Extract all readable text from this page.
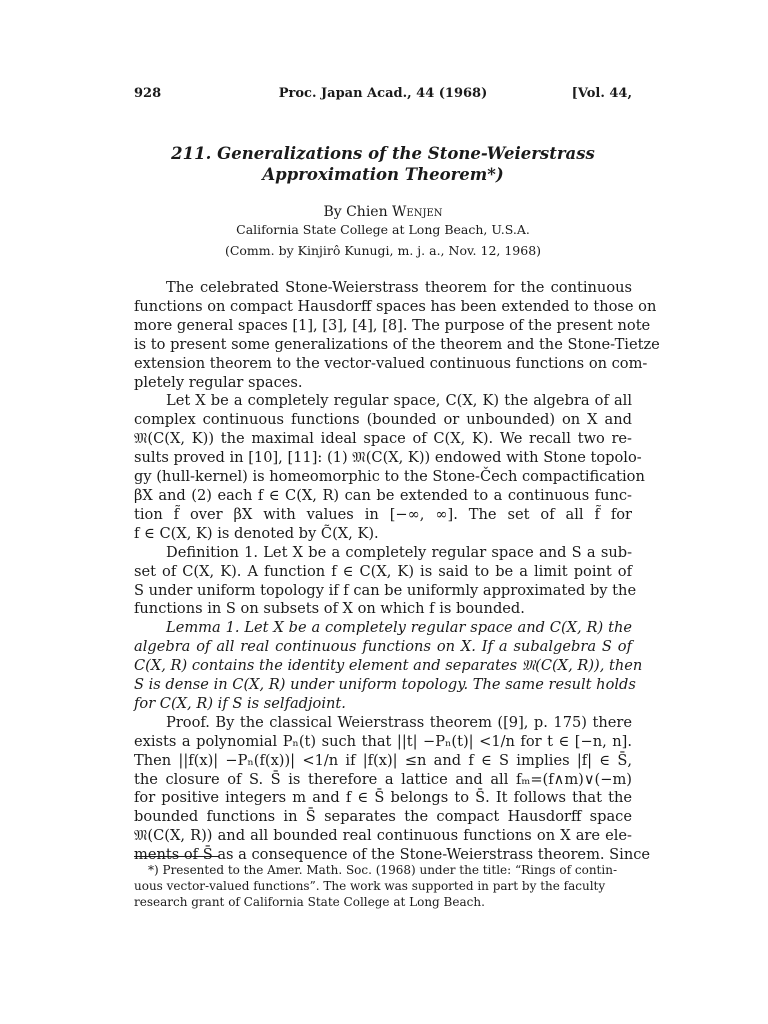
928	Proc. Japan Acad., 44 (1968)	[Vol. 44,
211. Generalizations of the Stone-Weierstrass
Approximation Theorem*)
By Chien Wenjen
California State College at Long Beach, U.S.A.
(Comm. by Kinjirô Kunugi, m. j. a., Nov. 12, 1968)
The celebrated Stone-Weierstrass theorem for the continuous
functions on compact Hausdorff spaces has been extended to those on
more general spaces [1], [3], [4], [8]. The purpose of the present note
is to present some generalizations of the theorem and the Stone-Tietze
extension theorem to the vector-valued continuous functions on com-
pletely regular spaces.
Let X be a completely regular space, C(X, K) the algebra of all
complex continuous functions (bounded or unbounded) on X and
𝔐(C(X, K)) the maximal ideal space of C(X, K). We recall two re-
sults proved in [10], [11]: (1) 𝔐(C(X, K)) endowed with Stone topolo-
gy (hull-kernel) is homeomorphic to the Stone-Čech compactification
βX and (2) each f ∈ C(X, R) can be extended to a continuous func-
tion f̃ over βX with values in [−∞, ∞]. The set of all f̃ for
f ∈ C(X, K) is denoted by C̃(X, K).
Definition 1. Let X be a completely regular space and S a sub-
set of C(X, K). A function f ∈ C(X, K) is said to be a limit point of
S under uniform topology if f can be uniformly approximated by the
functions in S on subsets of X on which f is bounded.
Lemma 1. Let X be a completely regular space and C(X, R) the
algebra of all real continuous functions on X. If a subalgebra S of
C(X, R) contains the identity element and separates 𝔐(C(X, R)), then
S is dense in C(X, R) under uniform topology. The same result holds
for C(X, R) if S is selfadjoint.
Proof. By the classical Weierstrass theorem ([9], p. 175) there
exists a polynomial Pₙ(t) such that ||t| −Pₙ(t)| <1/n for t ∈ [−n, n].
Then ||f(x)| −Pₙ(f(x))| <1/n if |f(x)| ≤n and f ∈ S implies |f| ∈ S̄,
the closure of S. S̄ is therefore a lattice and all fₘ=(f∧m)∨(−m)
for positive integers m and f ∈ S̄ belongs to S̄. It follows that the
bounded functions in S̄ separates the compact Hausdorff space
𝔐(C(X, R)) and all bounded real continuous functions on X are ele-
ments of S̄ as a consequence of the Stone-Weierstrass theorem. Since
*) Presented to the Amer. Math. Soc. (1968) under the title: “Rings of contin-
uous vector-valued functions”. The work was supported in part by the faculty
research grant of California State College at Long Beach.
